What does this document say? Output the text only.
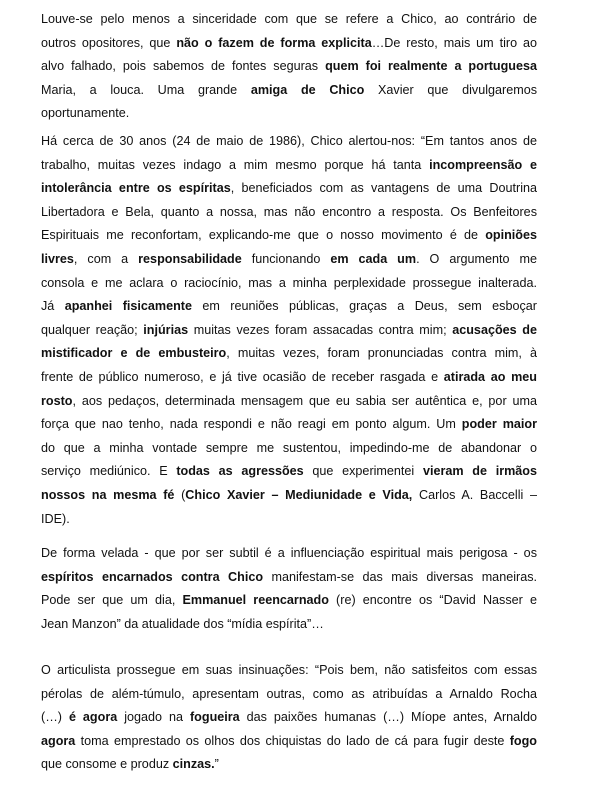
Louve-se pelo menos a sinceridade com que se refere a Chico, ao contrário de
outros opositores, que não o fazem de forma explicita…De resto, mais um tiro ao
alvo falhado, pois sabemos de fontes seguras quem foi realmente a portuguesa
Maria, a louca. Uma grande amiga de Chico Xavier que divulgaremos
oportunamente.
Há cerca de 30 anos (24 de maio de 1986), Chico alertou-nos: “Em tantos anos de
trabalho, muitas vezes indago a mim mesmo porque há tanta incompreensão e
intolerância entre os espíritas, beneficiados com as vantagens de uma Doutrina
Libertadora e Bela, quanto a nossa, mas não encontro a resposta. Os Benfeitores
Espirituais me reconfortam, explicando-me que o nosso movimento é de opiniões
livres, com a responsabilidade funcionando em cada um. O argumento me
consola e me aclara o raciocínio, mas a minha perplexidade prossegue inalterada.
Já apanhei fisicamente em reuniões públicas, graças a Deus, sem esboçar
qualquer reação; injúrias muitas vezes foram assacadas contra mim; acusações de
mistificador e de embusteiro, muitas vezes, foram pronunciadas contra mim, à
frente de público numeroso, e já tive ocasião de receber rasgada e atirada ao meu
rosto, aos pedaços, determinada mensagem que eu sabia ser autêntica e, por uma
força que nao tenho, nada respondi e não reagi em ponto algum. Um poder maior
do que a minha vontade sempre me sustentou, impedindo-me de abandonar o
serviço mediúnico. E todas as agressões que experimentei vieram de irmãos
nossos na mesma fé (Chico Xavier – Mediunidade e Vida, Carlos A. Baccelli –
IDE).
De forma velada - que por ser subtil é a influenciação espiritual mais perigosa - os
espíritos encarnados contra Chico manifestam-se das mais diversas maneiras.
Pode ser que um dia, Emmanuel reencarnado (re) encontre os “David Nasser e
Jean Manzon” da atualidade dos “mídia espírita”…
O articulista prossegue em suas insinuações: “Pois bem, não satisfeitos com essas
pérolas de além-túmulo, apresentam outras, como as atribuídas a Arnaldo Rocha
(…) é agora jogado na fogueira das paixões humanas (…) Míope antes, Arnaldo
agora toma emprestado os olhos dos chiquistas do lado de cá para fugir deste fogo
que consome e produz cinzas.”
